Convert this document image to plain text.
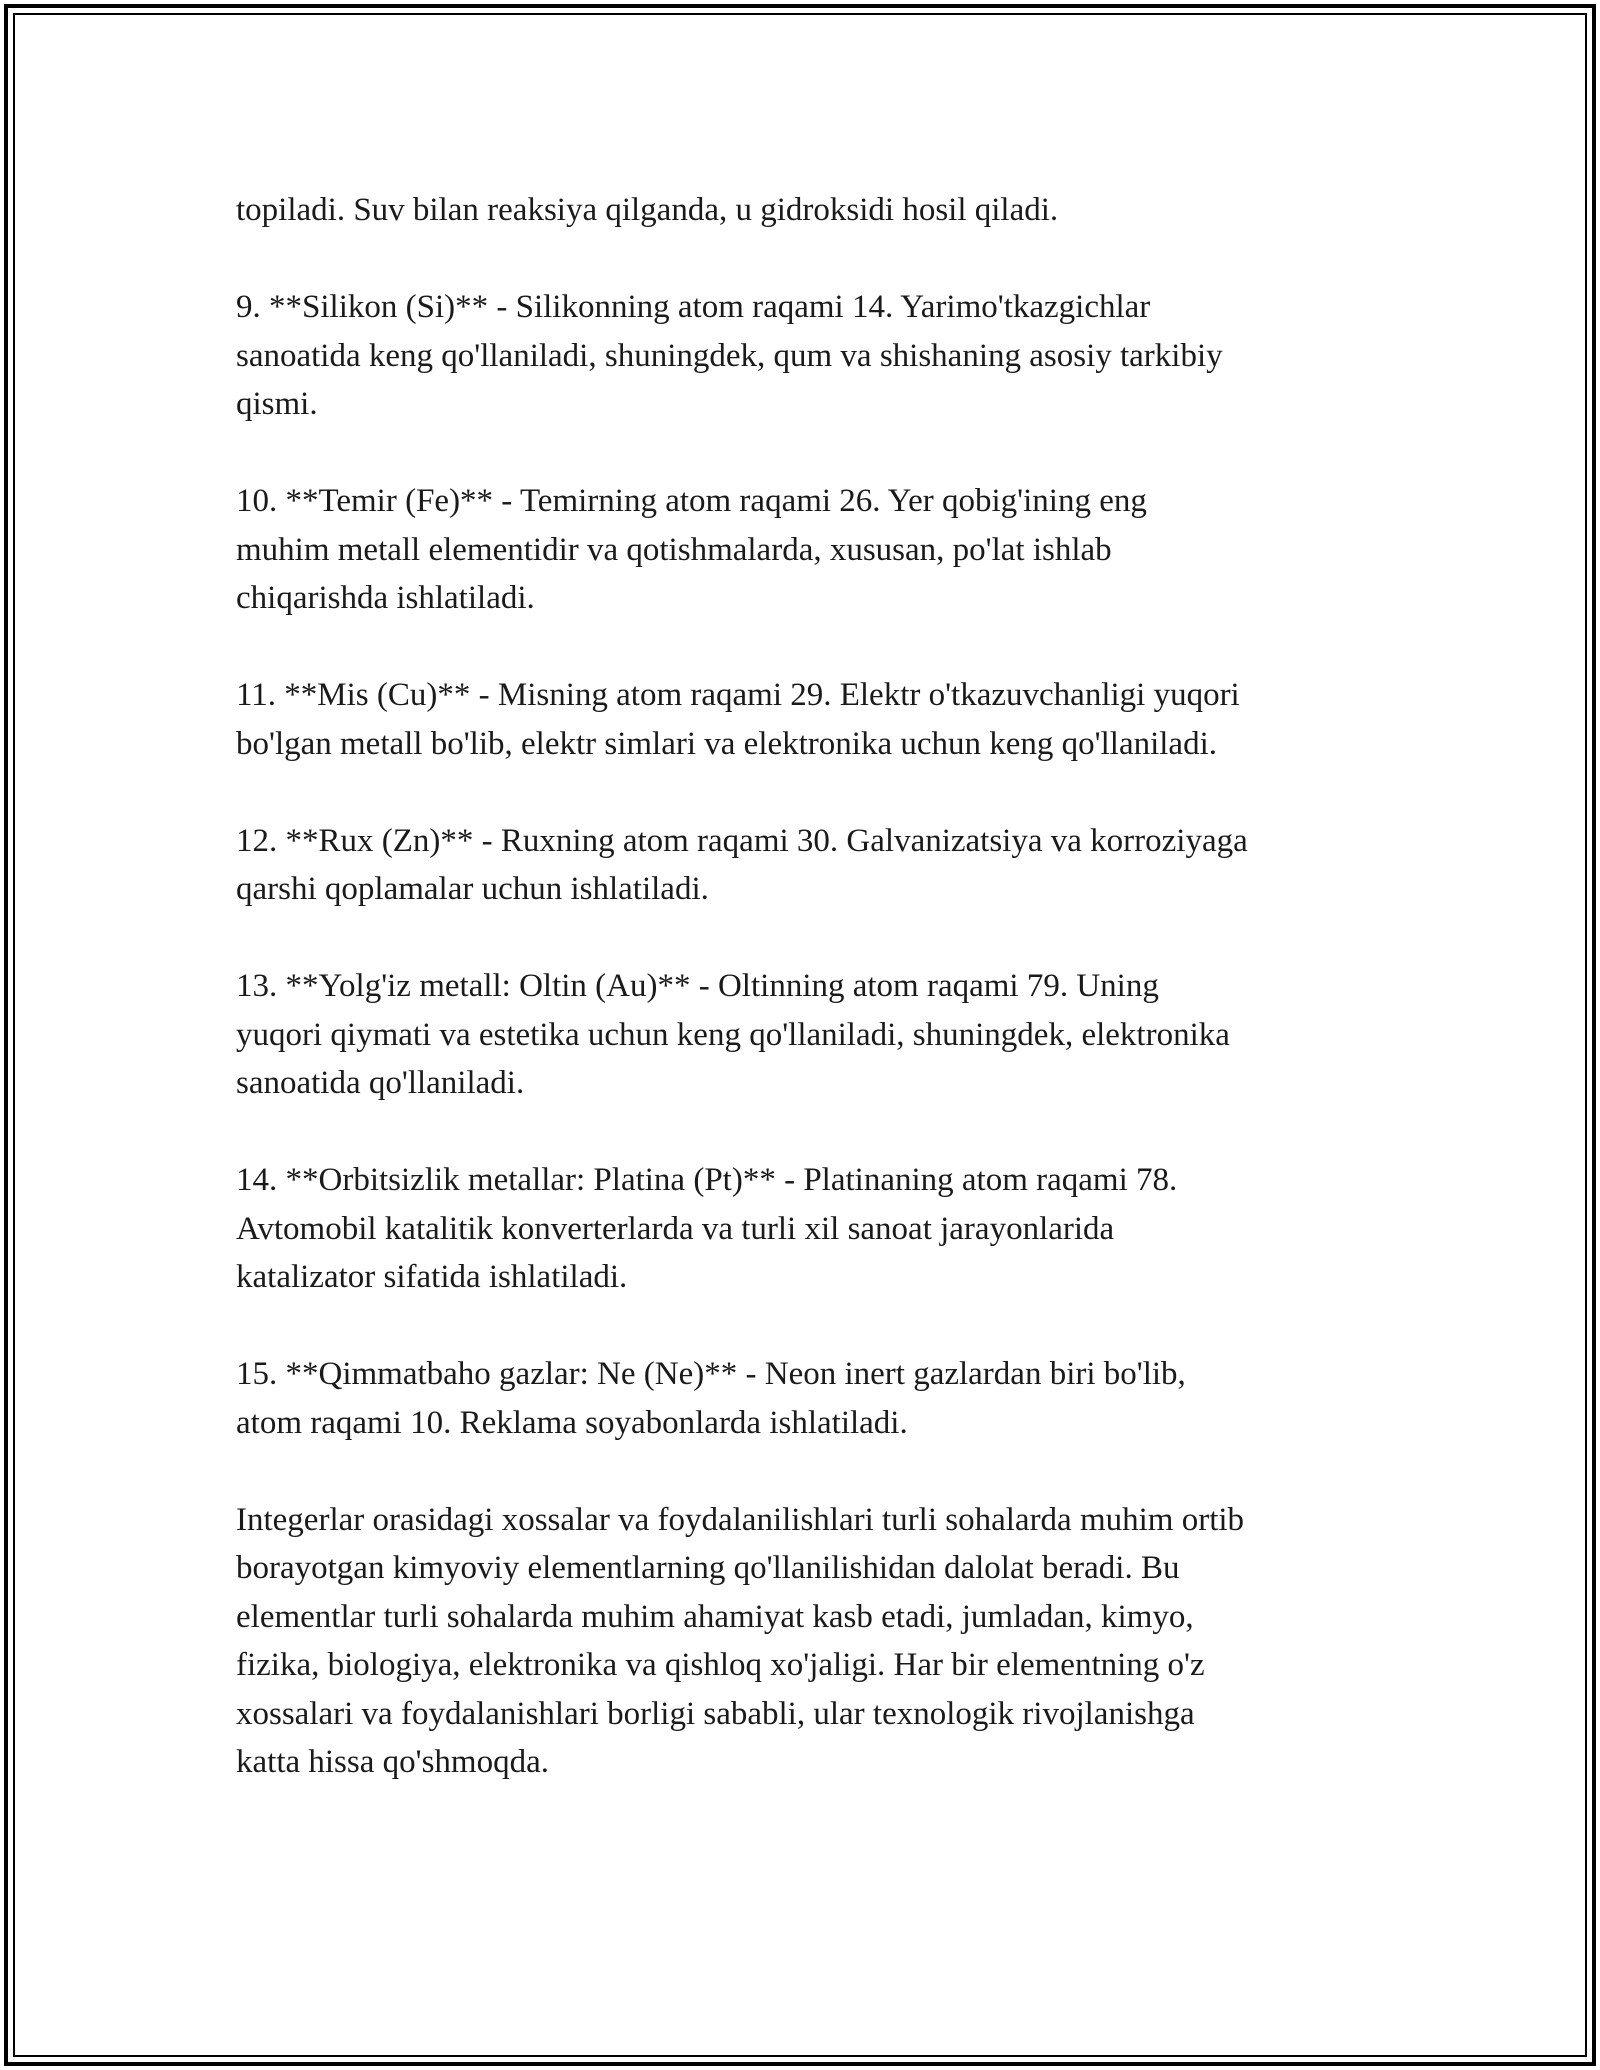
topiladi. Suv bilan reaksiya qilganda, u gidroksidi hosil qiladi.

9. **Silikon (Si)** - Silikonning atom raqami 14. Yarimo'tkazgichlar
sanoatida keng qo'llaniladi, shuningdek, qum va shishaning asosiy tarkibiy
qismi.

10. **Temir (Fe)** - Temirning atom raqami 26. Yer qobig'ining eng
muhim metall elementidir va qotishmalarda, xususan, po'lat ishlab
chiqarishda ishlatiladi.

11. **Mis (Cu)** - Misning atom raqami 29. Elektr o'tkazuvchanligi yuqori
bo'lgan metall bo'lib, elektr simlari va elektronika uchun keng qo'llaniladi.

12. **Rux (Zn)** - Ruxning atom raqami 30. Galvanizatsiya va korroziyaga
qarshi qoplamalar uchun ishlatiladi.

13. **Yolg'iz metall: Oltin (Au)** - Oltinning atom raqami 79. Uning
yuqori qiymati va estetika uchun keng qo'llaniladi, shuningdek, elektronika
sanoatida qo'llaniladi.

14. **Orbitsizlik metallar: Platina (Pt)** - Platinaning atom raqami 78.
Avtomobil katalitik konverterlarda va turli xil sanoat jarayonlarida
katalizator sifatida ishlatiladi.

15. **Qimmatbaho gazlar: Ne (Ne)** - Neon inert gazlardan biri bo'lib,
atom raqami 10. Reklama soyabonlarda ishlatiladi.

Integerlar orasidagi xossalar va foydalanilishlari turli sohalarda muhim ortib
borayotgan kimyoviy elementlarning qo'llanilishidan dalolat beradi. Bu
elementlar turli sohalarda muhim ahamiyat kasb etadi, jumladan, kimyo,
fizika, biologiya, elektronika va qishloq xo'jaligi. Har bir elementning o'z
xossalari va foydalanishlari borligi sababli, ular texnologik rivojlanishga
katta hissa qo'shmoqda.
